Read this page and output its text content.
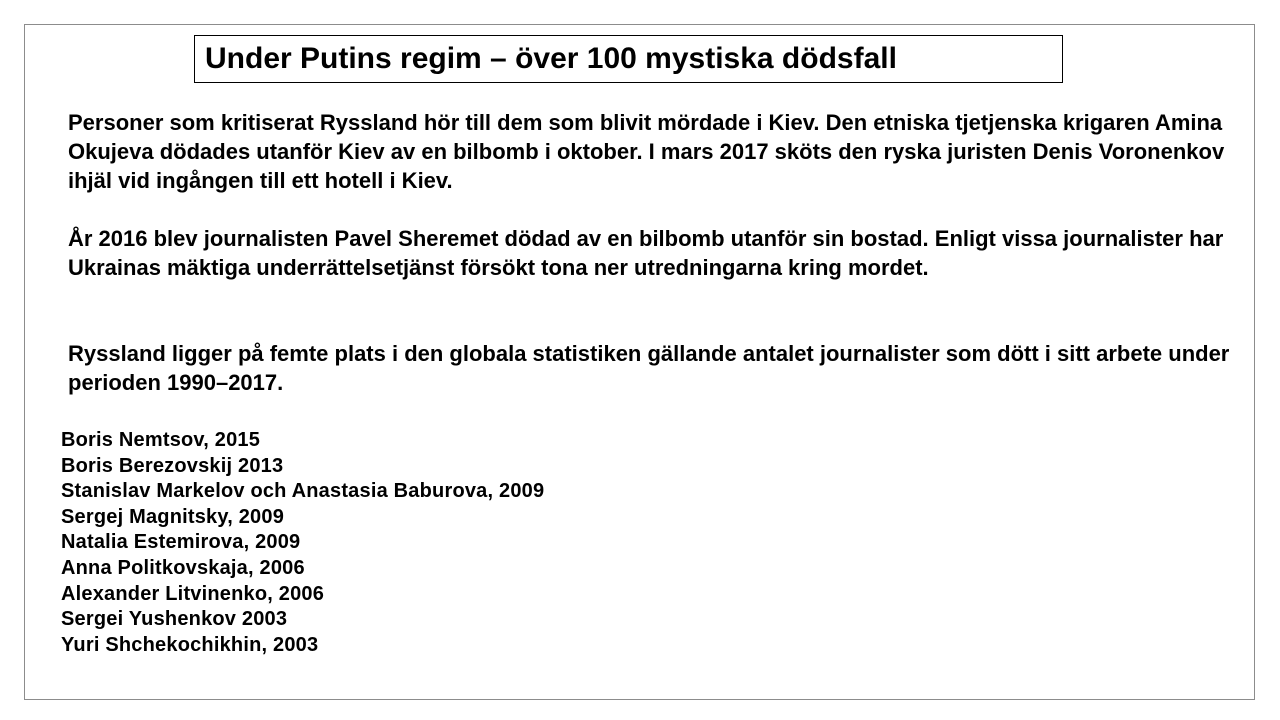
Under Putins regim – över 100 mystiska dödsfall

Personer som kritiserat Ryssland hör till dem som blivit mördade i Kiev. Den etniska tjetjenska krigaren Amina Okujeva dödades utanför Kiev av en bilbomb i oktober. I mars 2017 sköts den ryska juristen Denis Voronenkov ihjäl vid ingången till ett hotell i Kiev.

År 2016 blev journalisten Pavel Sheremet dödad av en bilbomb utanför sin bostad. Enligt vissa journalister har Ukrainas mäktiga underrättelsetjänst försökt tona ner utredningarna kring mordet.

Ryssland ligger på femte plats i den globala statistiken gällande antalet journalister som dött i sitt arbete under perioden 1990–2017.

Boris Nemtsov, 2015
Boris Berezovskij 2013
Stanislav Markelov och Anastasia Baburova, 2009
Sergej Magnitsky, 2009
Natalia Estemirova, 2009
Anna Politkovskaja, 2006
Alexander Litvinenko, 2006
Sergei Yushenkov 2003
Yuri Shchekochikhin, 2003
